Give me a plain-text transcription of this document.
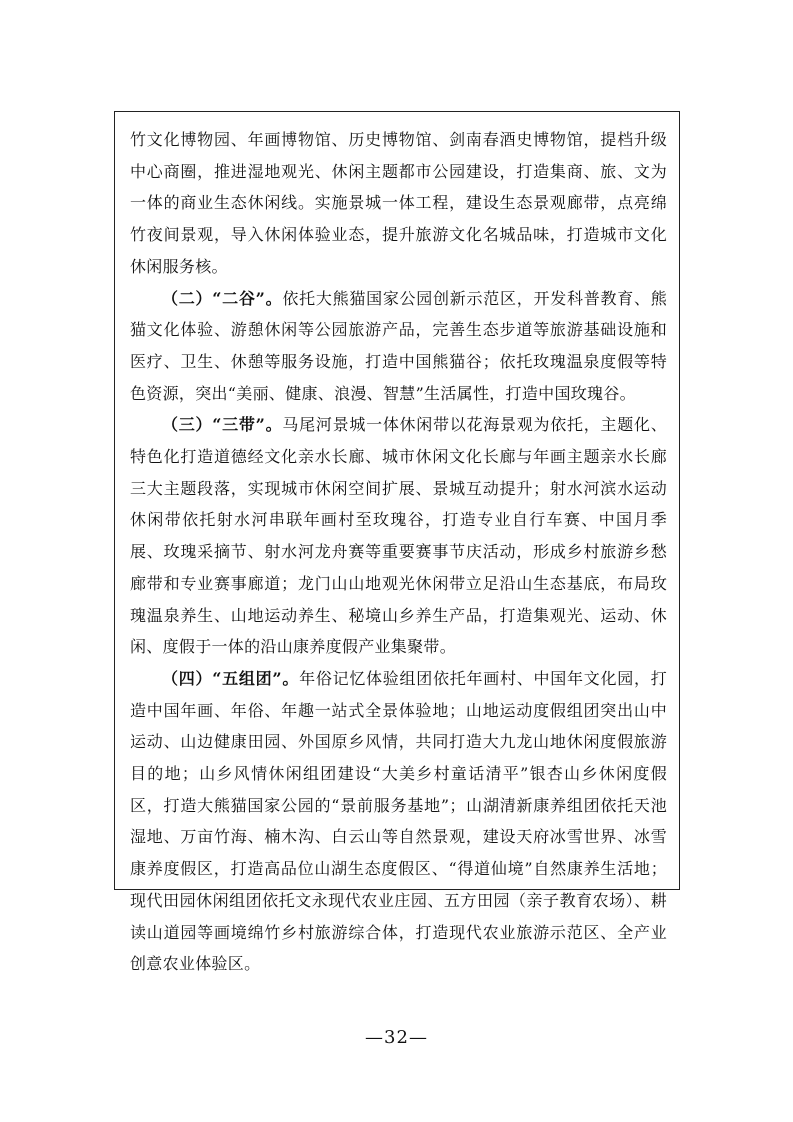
竹文化博物园、年画博物馆、历史博物馆、剑南春酒史博物馆，提档升级中心商圈，推进湿地观光、休闲主题都市公园建设，打造集商、旅、文为一体的商业生态休闲线。实施景城一体工程，建设生态景观廊带，点亮绵竹夜间景观，导入休闲体验业态，提升旅游文化名城品味，打造城市文化休闲服务核。

（二）“二谷”。依托大熊猫国家公园创新示范区，开发科普教育、熊猫文化体验、游憩休闲等公园旅游产品，完善生态步道等旅游基础设施和医疗、卫生、休憩等服务设施，打造中国熊猫谷；依托玫瑰温泉度假等特色资源，突出“美丽、健康、浪漫、智慧”生活属性，打造中国玫瑰谷。

（三）“三带”。马尾河景城一体休闲带以花海景观为依托，主题化、特色化打造道德经文化亲水长廊、城市休闲文化长廊与年画主题亲水长廊三大主题段落，实现城市休闲空间扩展、景城互动提升；射水河滨水运动休闲带依托射水河串联年画村至玫瑰谷，打造专业自行车赛、中国月季展、玫瑰采摘节、射水河龙舟赛等重要赛事节庆活动，形成乡村旅游乡愁廊带和专业赛事廊道；龙门山山地观光休闲带立足沿山生态基底，布局玫瑰温泉养生、山地运动养生、秘境山乡养生产品，打造集观光、运动、休闲、度假于一体的沿山康养度假产业集聚带。

（四）“五组团”。年俗记忆体验组团依托年画村、中国年文化园，打造中国年画、年俗、年趣一站式全景体验地；山地运动度假组团突出山中运动、山边健康田园、外国原乡风情，共同打造大九龙山地休闲度假旅游目的地；山乡风情休闲组团建设“大美乡村童话清平”银杏山乡休闲度假区，打造大熊猫国家公园的“景前服务基地”；山湖清新康养组团依托天池湿地、万亩竹海、楠木沟、白云山等自然景观，建设天府冰雪世界、冰雪康养度假区，打造高品位山湖生态度假区、“得道仙境”自然康养生活地；现代田园休闲组团依托文永现代农业庄园、五方田园（亲子教育农场）、耕读山道园等画境绵竹乡村旅游综合体，打造现代农业旅游示范区、全产业创意农业体验区。

—32—
